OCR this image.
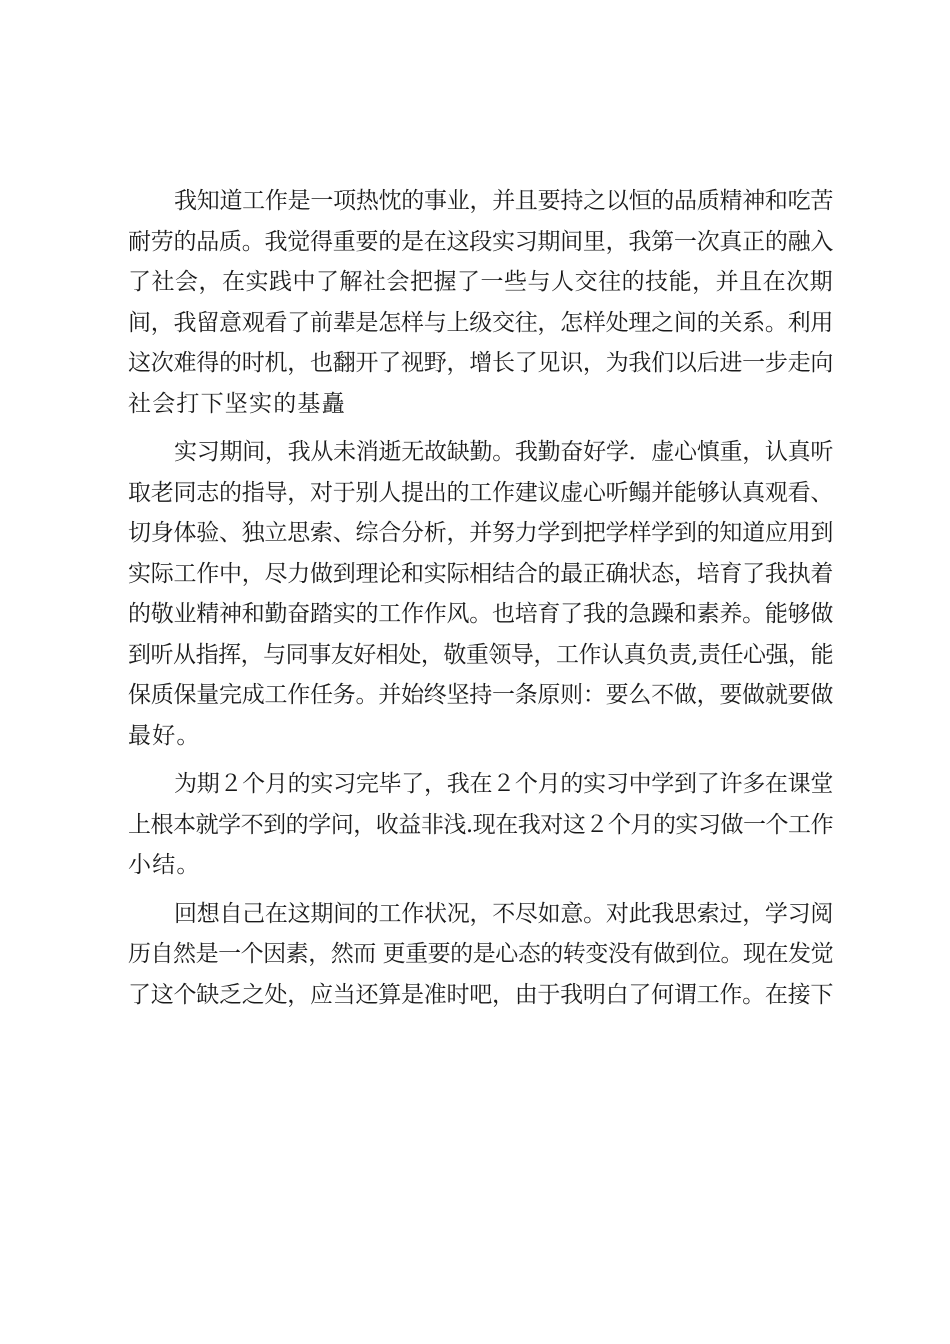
我知道工作是一项热忱的事业，并且要持之以恒的品质精神和吃苦
耐劳的品质。我觉得重要的是在这段实习期间里，我第一次真正的融入
了社会，在实践中了解社会把握了一些与人交往的技能，并且在次期
间，我留意观看了前辈是怎样与上级交往，怎样处理之间的关系。利用
这次难得的时机，也翻开了视野，增长了见识，为我们以后进一步走向
社会打下坚实的基矗

实习期间，我从未消逝无故缺勤。我勤奋好学．虚心慎重，认真听
取老同志的指导，对于别人提出的工作建议虚心听鳎并能够认真观看、
切身体验、独立思索、综合分析，并努力学到把学样学到的知道应用到
实际工作中，尽力做到理论和实际相结合的最正确状态，培育了我执着
的敬业精神和勤奋踏实的工作作风。也培育了我的急躁和素养。能够做
到听从指挥，与同事友好相处，敬重领导，工作认真负责,责任心强，能
保质保量完成工作任务。并始终坚持一条原则：要么不做，要做就要做
最好。

为期２个月的实习完毕了，我在２个月的实习中学到了许多在课堂
上根本就学不到的学问，收益非浅.现在我对这２个月的实习做一个工作
小结。

回想自己在这期间的工作状况，不尽如意。对此我思索过，学习阅
历自然是一个因素，然而 更重要的是心态的转变没有做到位。现在发觉
了这个缺乏之处，应当还算是准时吧，由于我明白了何谓工作。在接下
